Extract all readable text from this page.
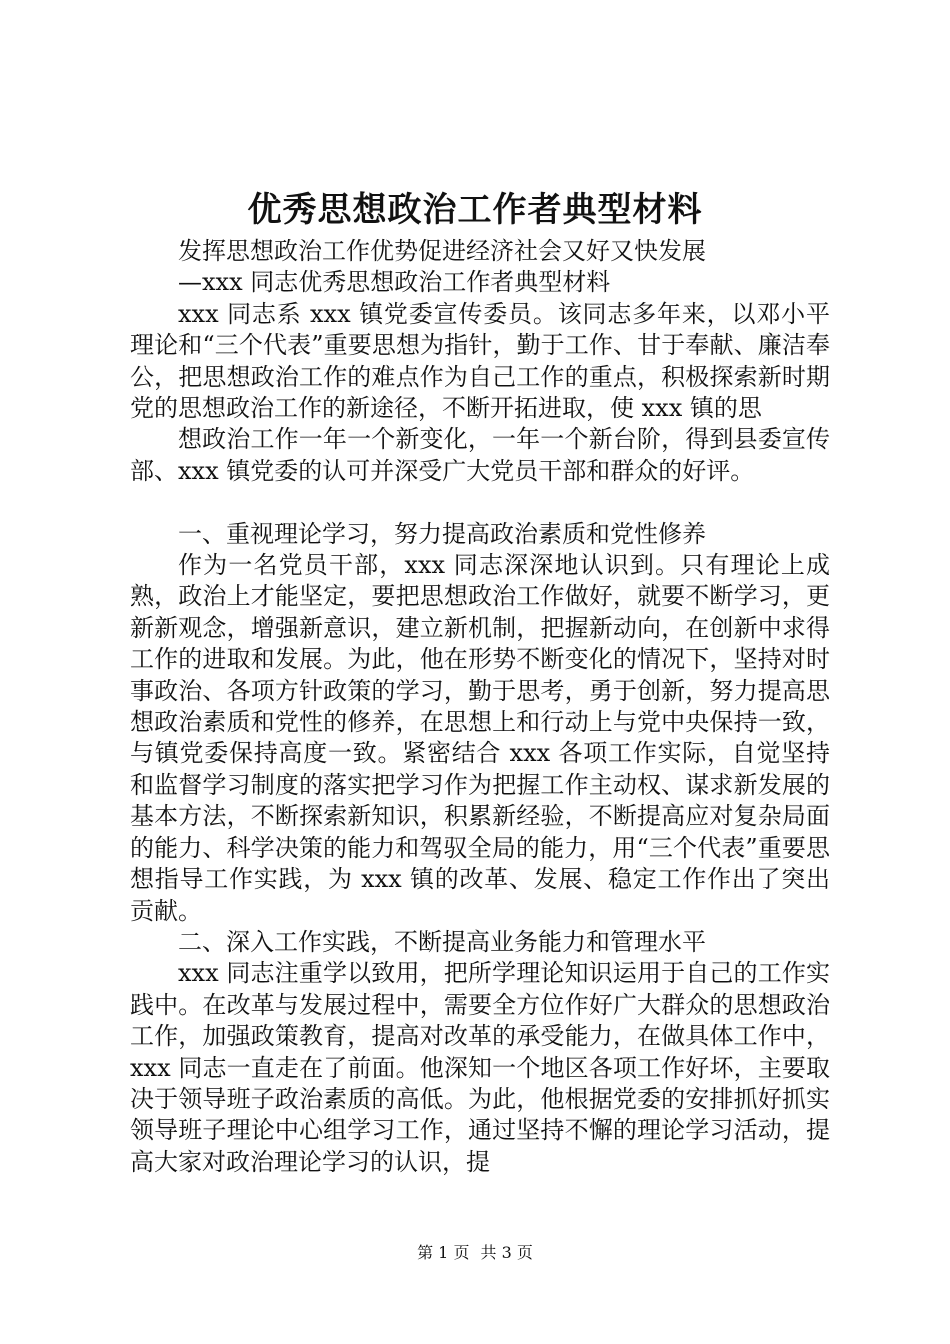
优秀思想政治工作者典型材料

发挥思想政治工作优势促进经济社会又好又快发展

—xxx 同志优秀思想政治工作者典型材料

xxx 同志系 xxx 镇党委宣传委员。该同志多年来，以邓小平理论和“三个代表”重要思想为指针，勤于工作、甘于奉献、廉洁奉公，把思想政治工作的难点作为自己工作的重点，积极探索新时期党的思想政治工作的新途径，不断开拓进取，使 xxx 镇的思

想政治工作一年一个新变化，一年一个新台阶，得到县委宣传部、xxx 镇党委的认可并深受广大党员干部和群众的好评。

一、重视理论学习，努力提高政治素质和党性修养

作为一名党员干部，xxx 同志深深地认识到。只有理论上成熟，政治上才能坚定，要把思想政治工作做好，就要不断学习，更新新观念，增强新意识，建立新机制，把握新动向，在创新中求得工作的进取和发展。为此，他在形势不断变化的情况下，坚持对时事政治、各项方针政策的学习，勤于思考，勇于创新，努力提高思想政治素质和党性的修养，在思想上和行动上与党中央保持一致，与镇党委保持高度一致。紧密结合 xxx 各项工作实际，自觉坚持和监督学习制度的落实把学习作为把握工作主动权、谋求新发展的基本方法，不断探索新知识，积累新经验，不断提高应对复杂局面的能力、科学决策的能力和驾驭全局的能力，用“三个代表”重要思想指导工作实践，为 xxx 镇的改革、发展、稳定工作作出了突出贡献。

二、深入工作实践，不断提高业务能力和管理水平

xxx 同志注重学以致用，把所学理论知识运用于自己的工作实践中。在改革与发展过程中，需要全方位作好广大群众的思想政治工作，加强政策教育，提高对改革的承受能力，在做具体工作中，xxx 同志一直走在了前面。他深知一个地区各项工作好坏，主要取决于领导班子政治素质的高低。为此，他根据党委的安排抓好抓实领导班子理论中心组学习工作，通过坚持不懈的理论学习活动，提高大家对政治理论学习的认识，提

第 1 页 共 3 页
